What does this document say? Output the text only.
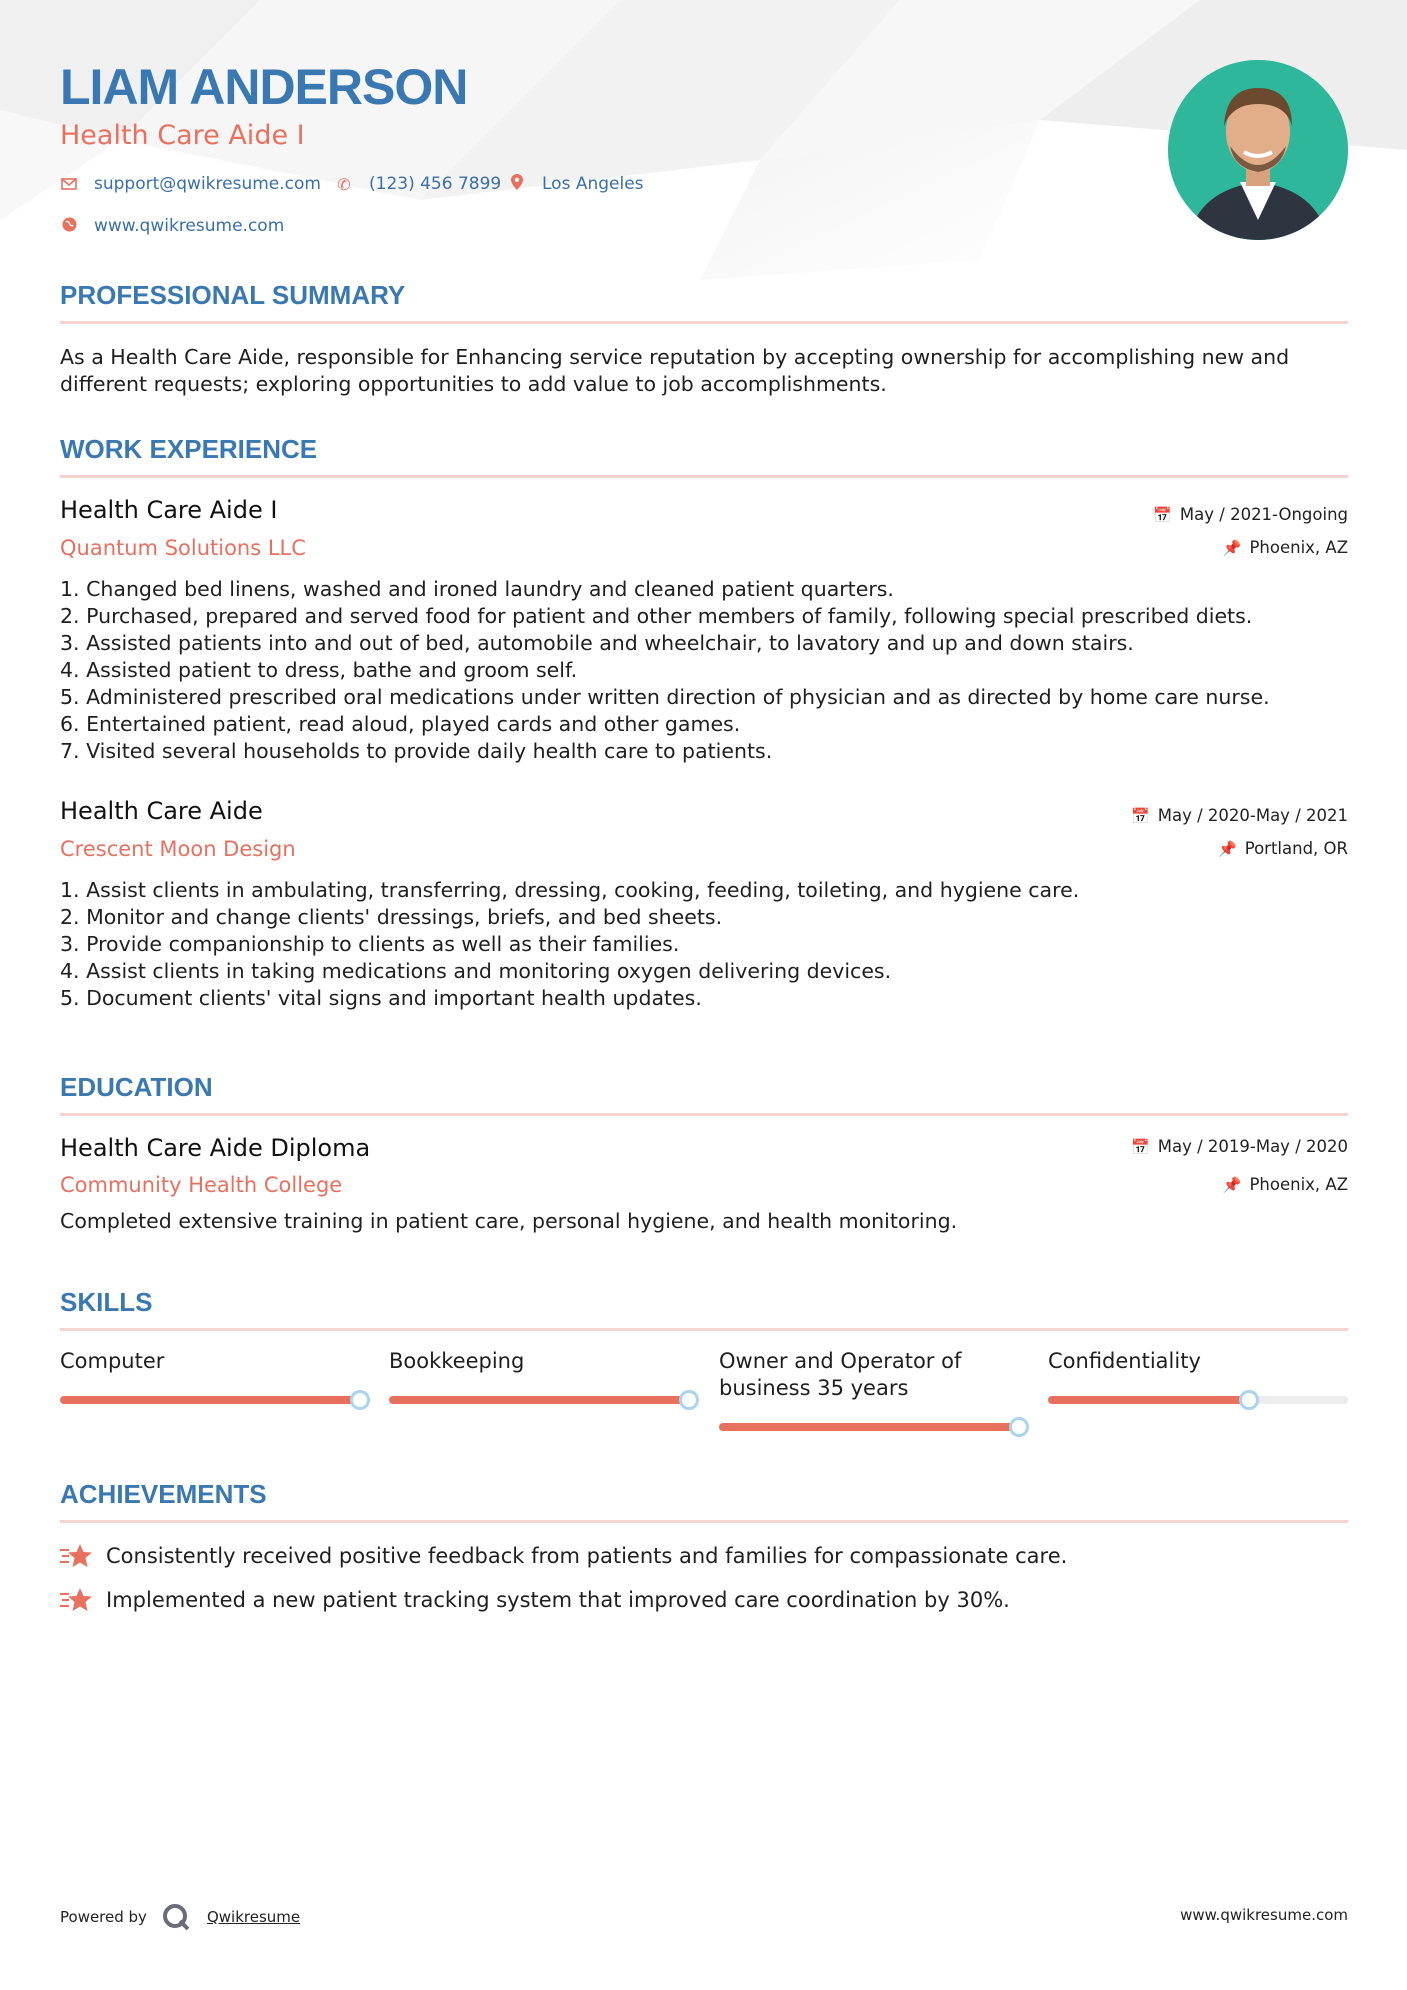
LIAM ANDERSON
Health Care Aide I
support@qwikresume.com ✆ (123) 456 7899 Los Angeles
www.qwikresume.com
PROFESSIONAL SUMMARY
As a Health Care Aide, responsible for Enhancing service reputation by accepting ownership for accomplishing new and different requests; exploring opportunities to add value to job accomplishments.
WORK EXPERIENCE
Health Care Aide I	📅 May / 2021-Ongoing
Quantum Solutions LLC	📌 Phoenix, AZ
1. Changed bed linens, washed and ironed laundry and cleaned patient quarters.
2. Purchased, prepared and served food for patient and other members of family, following special prescribed diets.
3. Assisted patients into and out of bed, automobile and wheelchair, to lavatory and up and down stairs.
4. Assisted patient to dress, bathe and groom self.
5. Administered prescribed oral medications under written direction of physician and as directed by home care nurse.
6. Entertained patient, read aloud, played cards and other games.
7. Visited several households to provide daily health care to patients.
Health Care Aide	📅 May / 2020-May / 2021
Crescent Moon Design	📌 Portland, OR
1. Assist clients in ambulating, transferring, dressing, cooking, feeding, toileting, and hygiene care.
2. Monitor and change clients' dressings, briefs, and bed sheets.
3. Provide companionship to clients as well as their families.
4. Assist clients in taking medications and monitoring oxygen delivering devices.
5. Document clients' vital signs and important health updates.
EDUCATION
Health Care Aide Diploma	📅 May / 2019-May / 2020
Community Health College	📌 Phoenix, AZ
Completed extensive training in patient care, personal hygiene, and health monitoring.
SKILLS
Computer	Bookkeeping	Owner and Operator of business 35 years
Confidentiality
ACHIEVEMENTS
Consistently received positive feedback from patients and families for compassionate care.
Implemented a new patient tracking system that improved care coordination by 30%.
Powered by	Qwikresume	www.qwikresume.com
